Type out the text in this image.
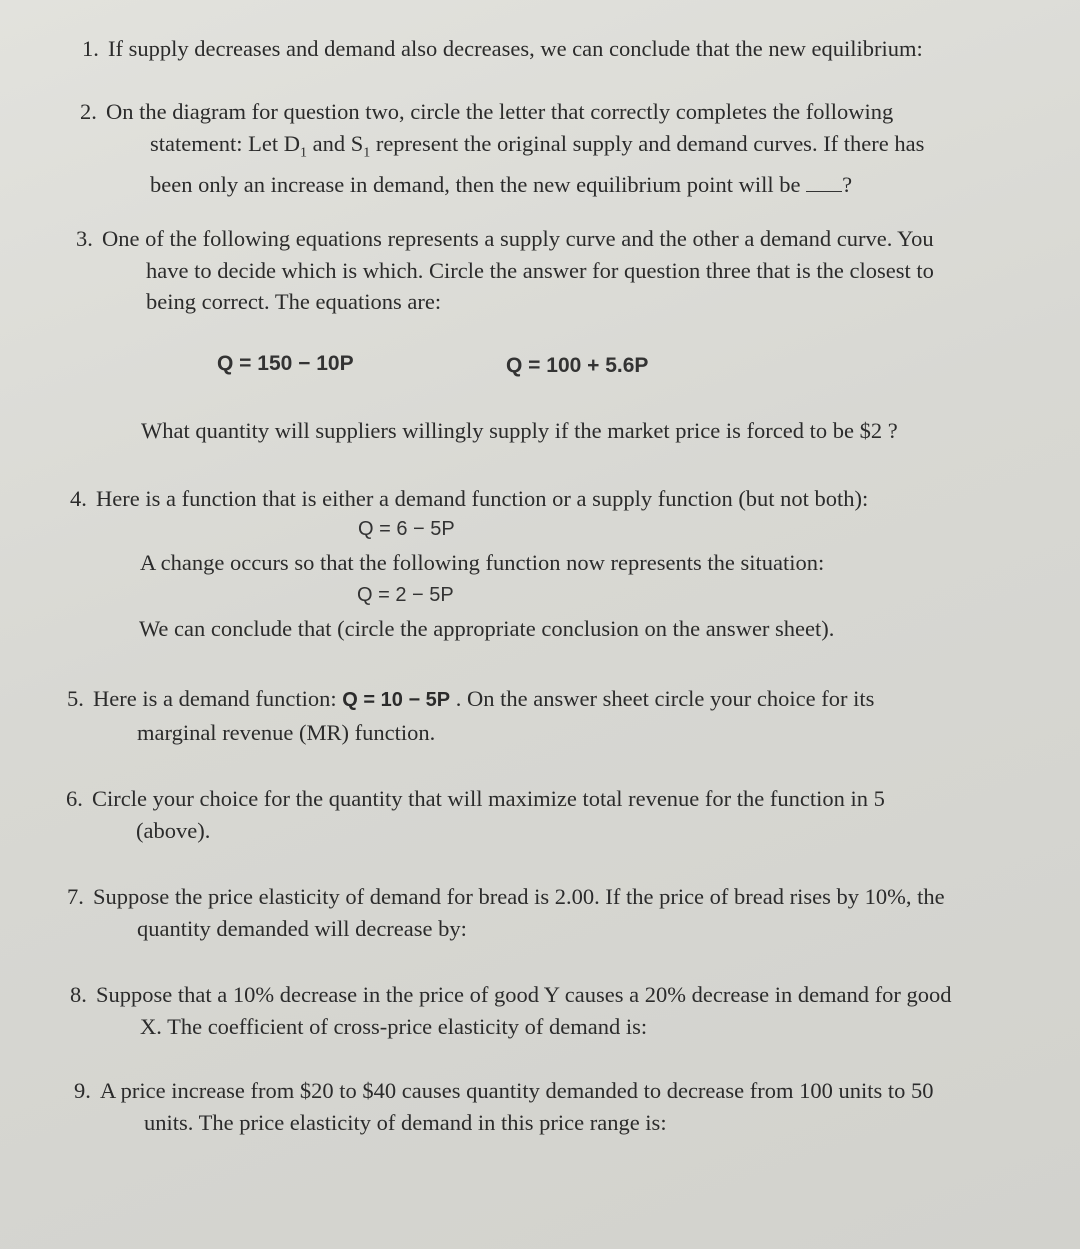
1. If supply decreases and demand also decreases, we can conclude that the new equilibrium:
2. On the diagram for question two, circle the letter that correctly completes the following
statement: Let $D_1$ and $S_1$ represent the original supply and demand curves. If there has
been only an increase in demand, then the new equilibrium point will be ?
3. One of the following equations represents a supply curve and the other a demand curve. You
have to decide which is which. Circle the answer for question three that is the closest to
being correct. The equations are:
Q = 150 − 10P	Q = 100 + 5.6P
What quantity will suppliers willingly supply if the market price is forced to be $2 ?
4. Here is a function that is either a demand function or a supply function (but not both):
Q = 6 − 5P
A change occurs so that the following function now represents the situation:
Q = 2 − 5P
We can conclude that (circle the appropriate conclusion on the answer sheet).
5. Here is a demand function: Q = 10 − 5P . On the answer sheet circle your choice for its
marginal revenue (MR) function.
6. Circle your choice for the quantity that will maximize total revenue for the function in 5
(above).
7. Suppose the price elasticity of demand for bread is 2.00. If the price of bread rises by 10%, the
quantity demanded will decrease by:
8. Suppose that a 10% decrease in the price of good Y causes a 20% decrease in demand for good
X. The coefficient of cross-price elasticity of demand is:
9. A price increase from $20 to $40 causes quantity demanded to decrease from 100 units to 50
units. The price elasticity of demand in this price range is:
